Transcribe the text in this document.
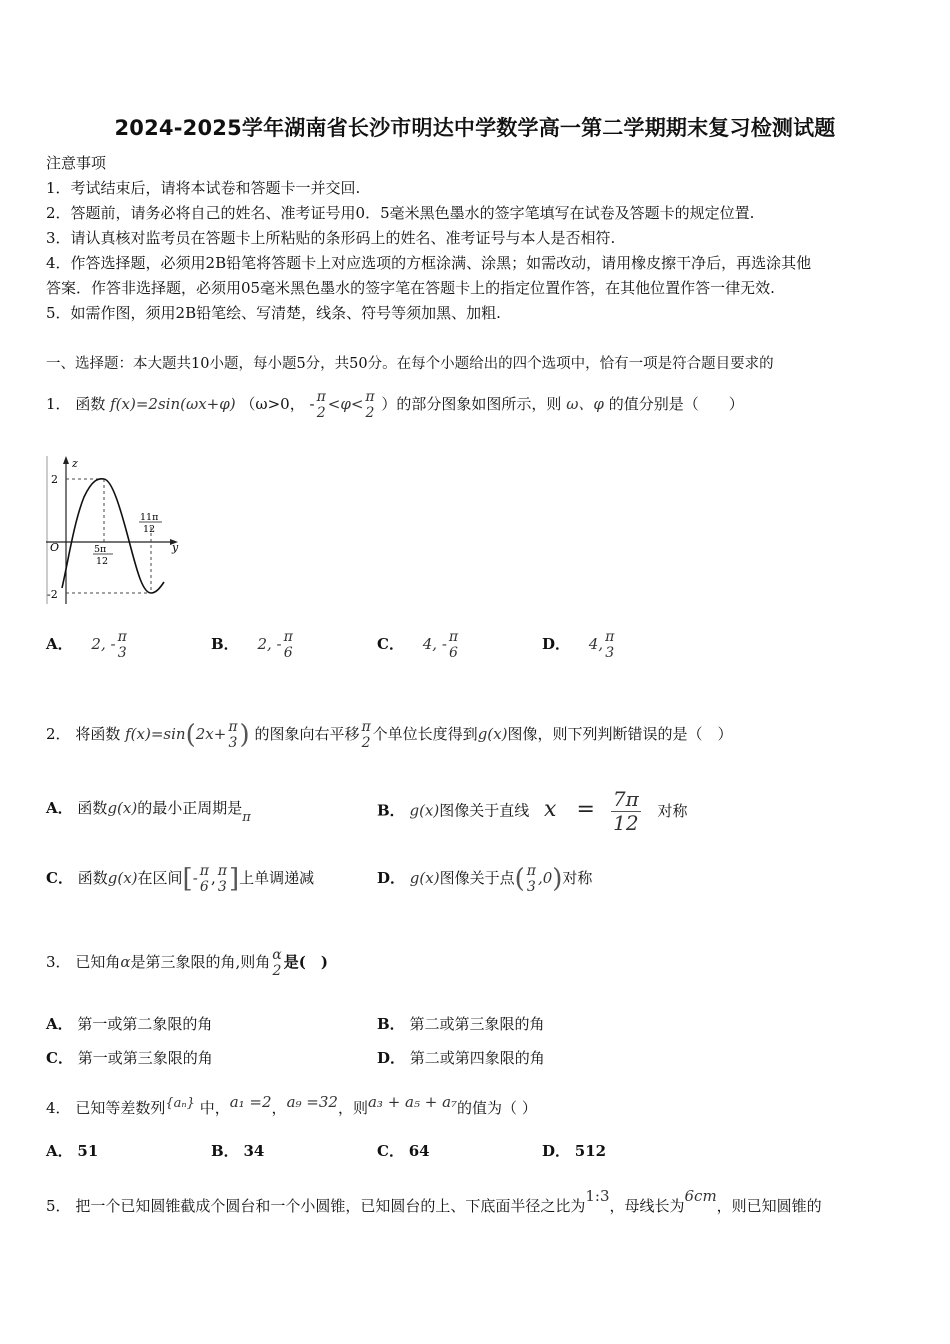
2024-2025学年湖南省长沙市明达中学数学高一第二学期期末复习检测试题
注意事项
1．考试结束后，请将本试卷和答题卡一并交回.
2．答题前，请务必将自己的姓名、准考证号用0．5毫米黑色墨水的签字笔填写在试卷及答题卡的规定位置.
3．请认真核对监考员在答题卡上所粘贴的条形码上的姓名、准考证号与本人是否相符.
4．作答选择题，必须用2B铅笔将答题卡上对应选项的方框涂满、涂黑；如需改动，请用橡皮擦干净后，再选涂其他
答案．作答非选择题，必须用05毫米黑色墨水的签字笔在答题卡上的指定位置作答，在其他位置作答一律无效.
5．如需作图，须用2B铅笔绘、写清楚，线条、符号等须加黑、加粗.
一、选择题：本大题共10小题，每小题5分，共50分。在每个小题给出的四个选项中，恰有一项是符合题目要求的
1． 函数 f(x)=2sin(ωx+φ) （ω>0， - π
2 <φ< π
2 ）的部分图象如图所示，则 ω、φ 的值分别是（　　）
z
y
O
2
-2
5π
12
11π
12
A． 2, - π
3	B． 2, - π
6	C． 4, - π
6	D． 4, π
3
2． 将函数 f(x)=sin(2x+ π
3 ) 的图象向右平移 π
2 个单位长度得到g(x)图像，则下列判断错误的是（　）
A． 函数g(x)的最小正周期是π	B． g(x)图像关于直线 $x = \frac{7\pi}{12}$ 对称
C． 函数g(x)在区间[- π
6 , π
3 ]上单调递减	D． g(x)图像关于点( π
3 ,0)对称
3． 已知角α是第三象限的角,则角 α
2 是(　)
A． 第一或第二象限的角	B． 第二或第三象限的角
C． 第一或第三象限的角	D． 第二或第四象限的角
4． 已知等差数列{aₙ} 中，a₁ =2，a₉ =32，则a₃ + a₅ + a₇的值为（ ）
A． 51	B． 34	C． 64	D． 512
5． 把一个已知圆锥截成个圆台和一个小圆锥，已知圆台的上、下底面半径之比为1:3，母线长为6cm，则已知圆锥的
